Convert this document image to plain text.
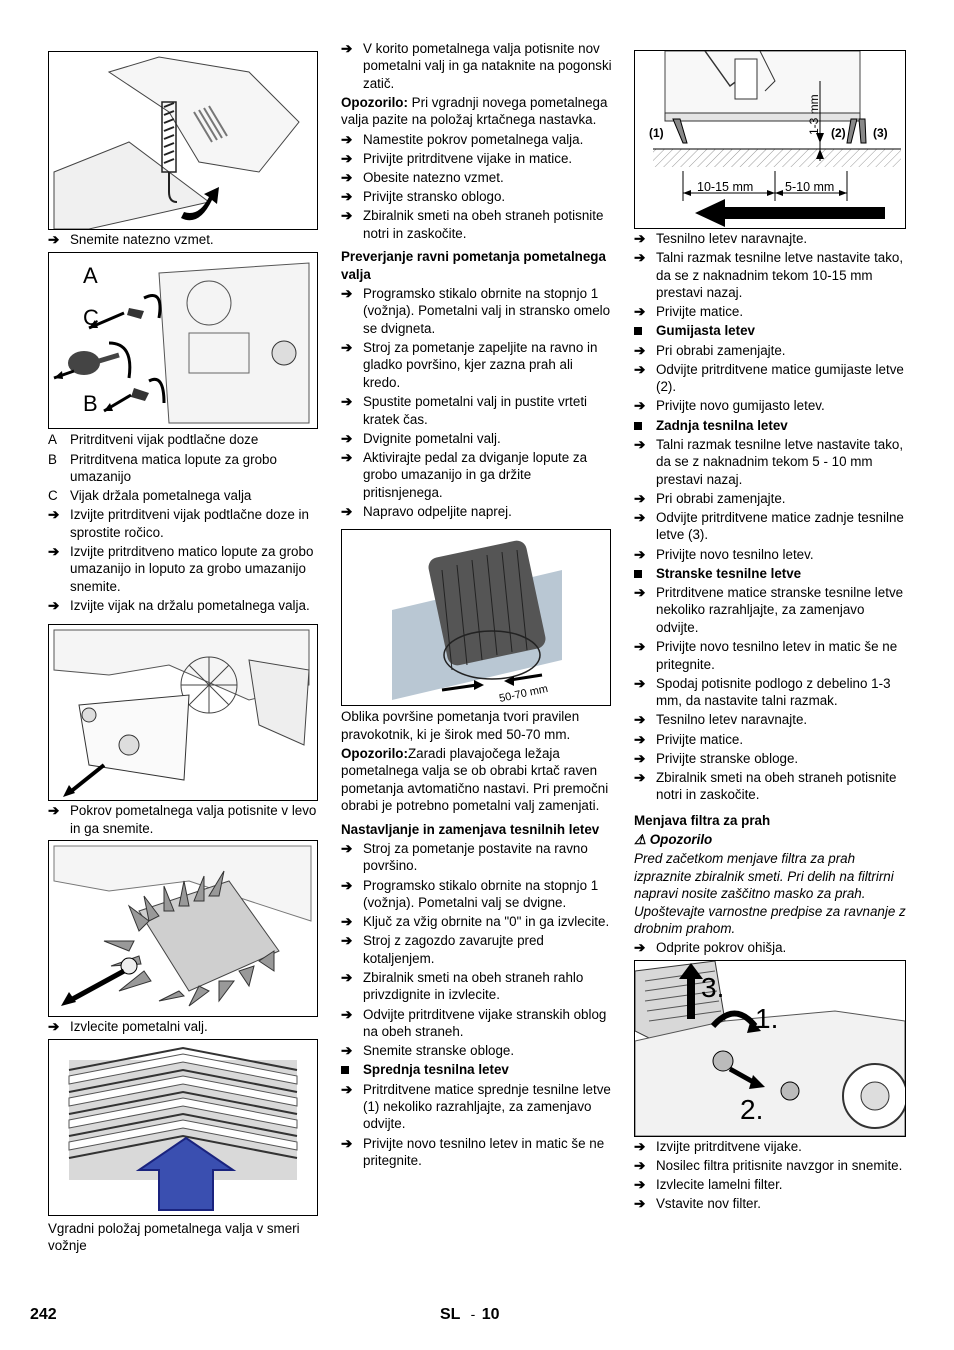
➔ Snemite natezno vzmet.
A
C
B
A Pritrditveni vijak podtlačne doze
B Pritrditvena matica lopute za grobo umazanijo
C Vijak držala pometalnega valja
➔ Izvijte pritrditveni vijak podtlačne doze in sprostite ročico.
➔ Izvijte pritrditveno matico lopute za grobo umazanijo in loputo za grobo umazanijo snemite.
➔ Izvijte vijak na držalu pometalnega valja.
➔ Pokrov pometalnega valja potisnite v levo in ga snemite.
➔ Izvlecite pometalni valj.
Vgradni položaj pometalnega valja v smeri vožnje
➔ V korito pometalnega valja potisnite nov pometalni valj in ga nataknite na pogonski zatič.
Opozorilo: Pri vgradnji novega pometalnega valja pazite na položaj krtačnega nastavka.
➔ Namestite pokrov pometalnega valja.
➔ Privijte pritrditvene vijake in matice.
➔ Obesite natezno vzmet.
➔ Privijte stransko oblogo.
➔ Zbiralnik smeti na obeh straneh potisnite notri in zaskočite.
Preverjanje ravni pometanja pometalnega valja
➔ Programsko stikalo obrnite na stopnjo 1 (vožnja). Pometalni valj in stransko omelo se dvigneta.
➔ Stroj za pometanje zapeljite na ravno in gladko površino, kjer zazna prah ali kredo.
➔ Spustite pometalni valj in pustite vrteti kratek čas.
➔ Dvignite pometalni valj.
➔ Aktivirajte pedal za dviganje lopute za grobo umazanijo in ga držite pritisnjenega.
➔ Napravo odpeljite naprej.
50-70 mm
Oblika površine pometanja tvori pravilen pravokotnik, ki je širok med 50-70 mm.
Opozorilo:Zaradi plavajočega ležaja pometalnega valja se ob obrabi krtač raven pometanja avtomatično nastavi. Pri premočni obrabi je potrebno pometalni valj zamenjati.
Nastavljanje in zamenjava tesnilnih letev
➔ Stroj za pometanje postavite na ravno površino.
➔ Programsko stikalo obrnite na stopnjo 1 (vožnja). Pometalni valj se dvigne.
➔ Ključ za vžig obrnite na "0" in ga izvlecite.
➔ Stroj z zagozdo zavarujte pred kotaljenjem.
➔ Zbiralnik smeti na obeh straneh rahlo privzdignite in izvlecite.
➔ Odvijte pritrditvene vijake stranskih oblog na obeh straneh.
➔ Snemite stranske obloge.
Sprednja tesnilna letev
➔ Pritrditvene matice sprednje tesnilne letve (1) nekoliko razrahljajte, za zamenjavo odvijte.
➔ Privijte novo tesnilno letev in matic še ne pritegnite.
(1)	(2) (3)
1-3 mm
10-15 mm	5-10 mm
➔ Tesnilno letev naravnajte.
➔ Talni razmak tesnilne letve nastavite tako, da se z naknadnim tekom 10-15 mm prestavi nazaj.
➔ Privijte matice.
Gumijasta letev
➔ Pri obrabi zamenjajte.
➔ Odvijte pritrditvene matice gumijaste letve (2).
➔ Privijte novo gumijasto letev.
Zadnja tesnilna letev
➔ Talni razmak tesnilne letve nastavite tako, da se z naknadnim tekom 5 - 10 mm prestavi nazaj.
➔ Pri obrabi zamenjajte.
➔ Odvijte pritrditvene matice zadnje tesnilne letve (3).
➔ Privijte novo tesnilno letev.
Stranske tesnilne letve
➔ Pritrditvene matice stranske tesnilne letve nekoliko razrahljajte, za zamenjavo odvijte.
➔ Privijte novo tesnilno letev in matic še ne pritegnite.
➔ Spodaj potisnite podlogo z debelino 1-3 mm, da nastavite talni razmak.
➔ Tesnilno letev naravnajte.
➔ Privijte matice.
➔ Privijte stranske obloge.
➔ Zbiralnik smeti na obeh straneh potisnite notri in zaskočite.
Menjava filtra za prah
⚠ Opozorilo
Pred začetkom menjave filtra za prah izpraznite zbiralnik smeti. Pri delih na filtrirni napravi nosite zaščitno masko za prah. Upoštevajte varnostne predpise za ravnanje z drobnim prahom.
➔ Odprite pokrov ohišja.
3.
1.
2.
➔ Izvijte pritrditvene vijake.
➔ Nosilec filtra pritisnite navzgor in snemite.
➔ Izvlecite lamelni filter.
➔ Vstavite nov filter.
242	SL - 10
